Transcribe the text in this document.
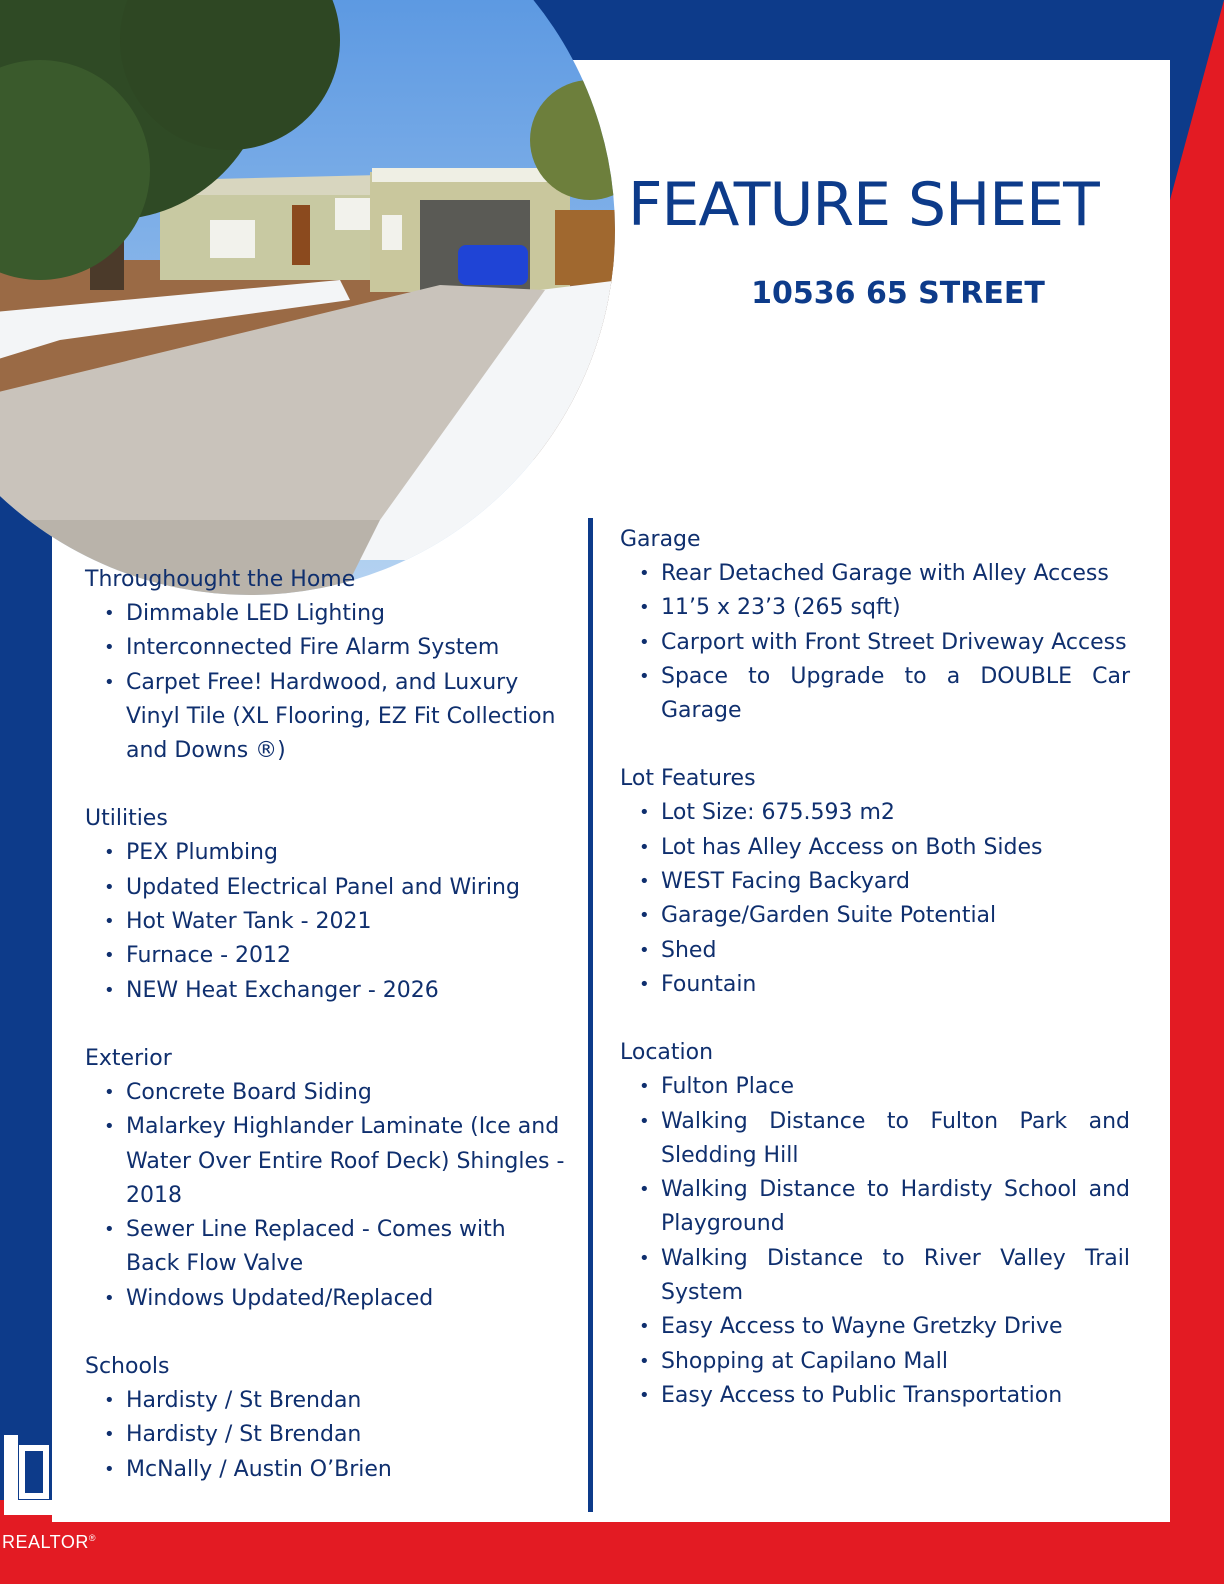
FEATURE SHEET
10536 65 STREET
Throughought the Home
• Dimmable LED Lighting
• Interconnected Fire Alarm System
• Carpet Free! Hardwood, and Luxury Vinyl Tile (XL Flooring, EZ Fit Collection and Downs ®)
Utilities
• PEX Plumbing
• Updated Electrical Panel and Wiring
• Hot Water Tank - 2021
• Furnace - 2012
• NEW Heat Exchanger - 2026
Exterior
• Concrete Board Siding
• Malarkey Highlander Laminate (Ice and Water Over Entire Roof Deck) Shingles - 2018
• Sewer Line Replaced - Comes with Back Flow Valve
• Windows Updated/Replaced
Schools
• Hardisty / St Brendan
• Hardisty / St Brendan
• McNally / Austin O’Brien
Garage
• Rear Detached Garage with Alley Access
• 11’5 x 23’3 (265 sqft)
• Carport with Front Street Driveway Access
• Space to Upgrade to a DOUBLE Car Garage
Lot Features
• Lot Size: 675.593 m2
• Lot has Alley Access on Both Sides
• WEST Facing Backyard
• Garage/Garden Suite Potential
• Shed
• Fountain
Location
• Fulton Place
• Walking Distance to Fulton Park and Sledding Hill
• Walking Distance to Hardisty School and Playground
• Walking Distance to River Valley Trail System
• Easy Access to Wayne Gretzky Drive
• Shopping at Capilano Mall
• Easy Access to Public Transportation
REALTOR®
